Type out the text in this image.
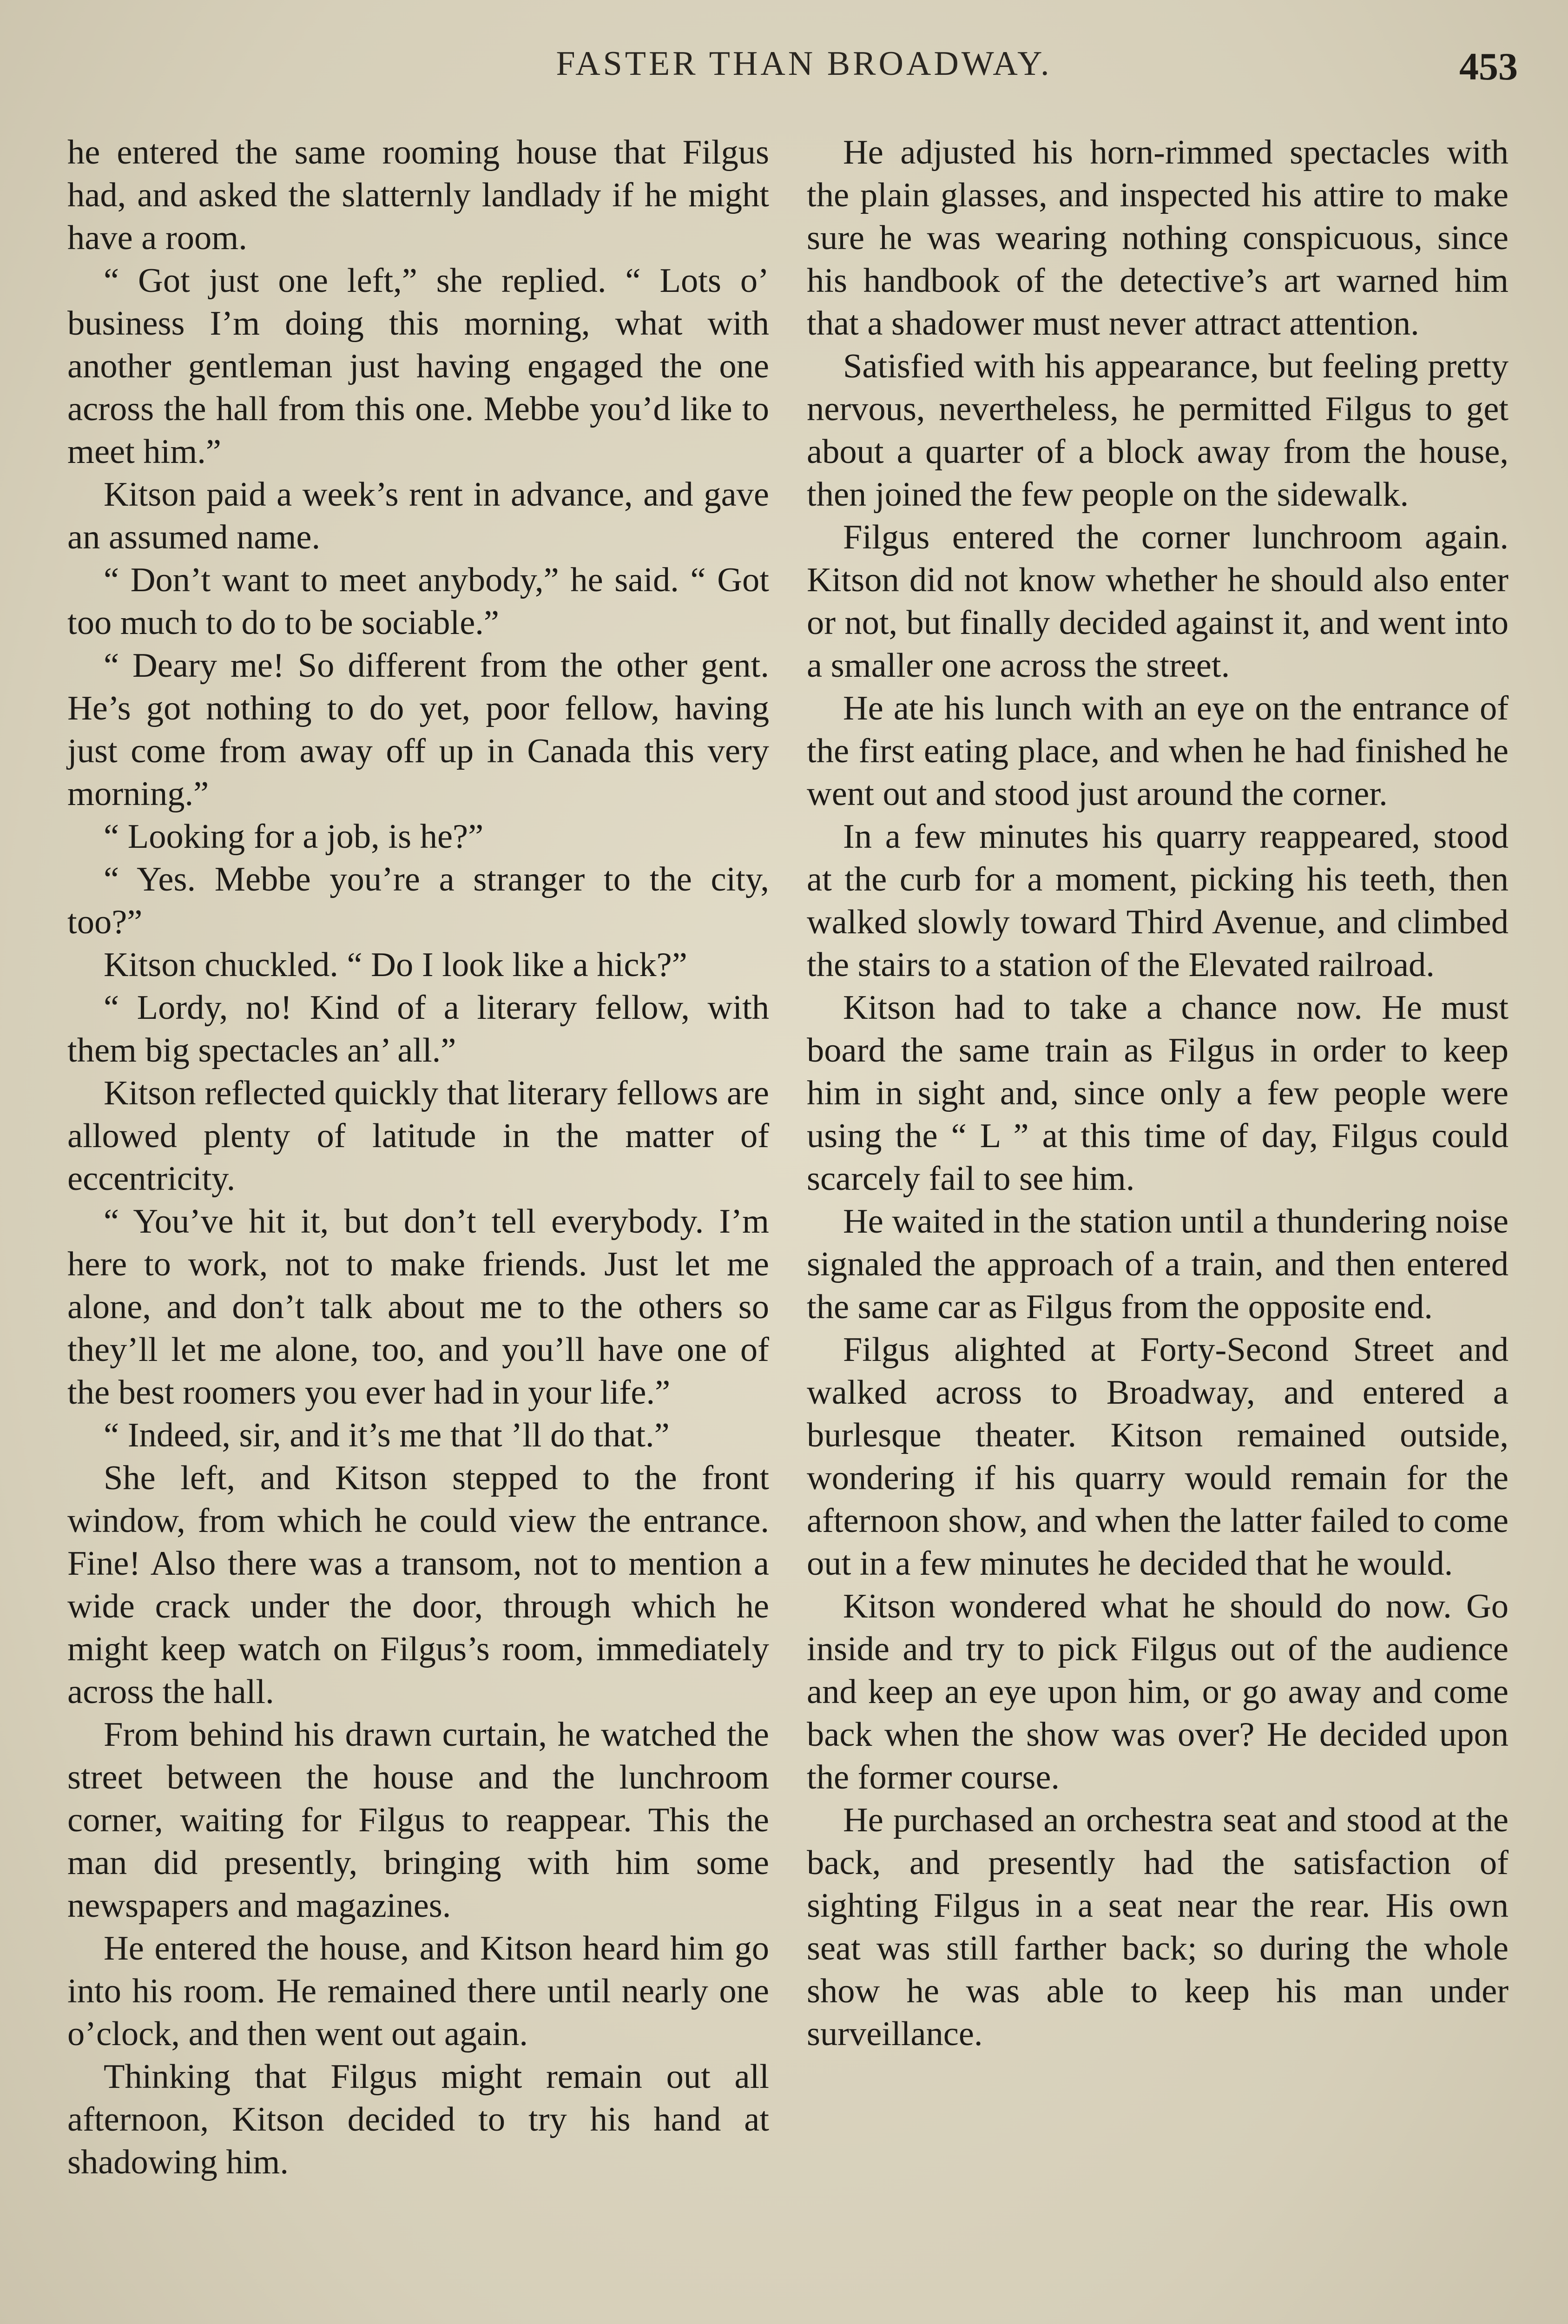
FASTER THAN BROADWAY.	453

he entered the same rooming house that Filgus had, and asked the slatternly landlady if he might have a room.

“ Got just one left,” she replied. “ Lots o’ business I’m doing this morning, what with another gentleman just having engaged the one across the hall from this one. Mebbe you’d like to meet him.”

Kitson paid a week’s rent in advance, and gave an assumed name.

“ Don’t want to meet anybody,” he said. “ Got too much to do to be sociable.”

“ Deary me! So different from the other gent. He’s got nothing to do yet, poor fellow, having just come from away off up in Canada this very morning.”

“ Looking for a job, is he?”

“ Yes. Mebbe you’re a stranger to the city, too?”

Kitson chuckled. “ Do I look like a hick?”

“ Lordy, no! Kind of a literary fellow, with them big spectacles an’ all.”

Kitson reflected quickly that literary fellows are allowed plenty of latitude in the matter of eccentricity.

“ You’ve hit it, but don’t tell everybody. I’m here to work, not to make friends. Just let me alone, and don’t talk about me to the others so they’ll let me alone, too, and you’ll have one of the best roomers you ever had in your life.”

“ Indeed, sir, and it’s me that ’ll do that.”

She left, and Kitson stepped to the front window, from which he could view the entrance. Fine! Also there was a transom, not to mention a wide crack under the door, through which he might keep watch on Filgus’s room, immediately across the hall.

From behind his drawn curtain, he watched the street between the house and the lunchroom corner, waiting for Filgus to reappear. This the man did presently, bringing with him some newspapers and magazines.

He entered the house, and Kitson heard him go into his room. He remained there until nearly one o’clock, and then went out again.

Thinking that Filgus might remain out all afternoon, Kitson decided to try his hand at shadowing him.

He adjusted his horn-rimmed spectacles with the plain glasses, and inspected his attire to make sure he was wearing nothing conspicuous, since his handbook of the detective’s art warned him that a shadower must never attract attention.

Satisfied with his appearance, but feeling pretty nervous, nevertheless, he permitted Filgus to get about a quarter of a block away from the house, then joined the few people on the sidewalk.

Filgus entered the corner lunchroom again. Kitson did not know whether he should also enter or not, but finally decided against it, and went into a smaller one across the street.

He ate his lunch with an eye on the entrance of the first eating place, and when he had finished he went out and stood just around the corner.

In a few minutes his quarry reappeared, stood at the curb for a moment, picking his teeth, then walked slowly toward Third Avenue, and climbed the stairs to a station of the Elevated railroad.

Kitson had to take a chance now. He must board the same train as Filgus in order to keep him in sight and, since only a few people were using the “ L ” at this time of day, Filgus could scarcely fail to see him.

He waited in the station until a thundering noise signaled the approach of a train, and then entered the same car as Filgus from the opposite end.

Filgus alighted at Forty-Second Street and walked across to Broadway, and entered a burlesque theater. Kitson remained outside, wondering if his quarry would remain for the afternoon show, and when the latter failed to come out in a few minutes he decided that he would.

Kitson wondered what he should do now. Go inside and try to pick Filgus out of the audience and keep an eye upon him, or go away and come back when the show was over? He decided upon the former course.

He purchased an orchestra seat and stood at the back, and presently had the satisfaction of sighting Filgus in a seat near the rear. His own seat was still farther back; so during the whole show he was able to keep his man under surveillance.
